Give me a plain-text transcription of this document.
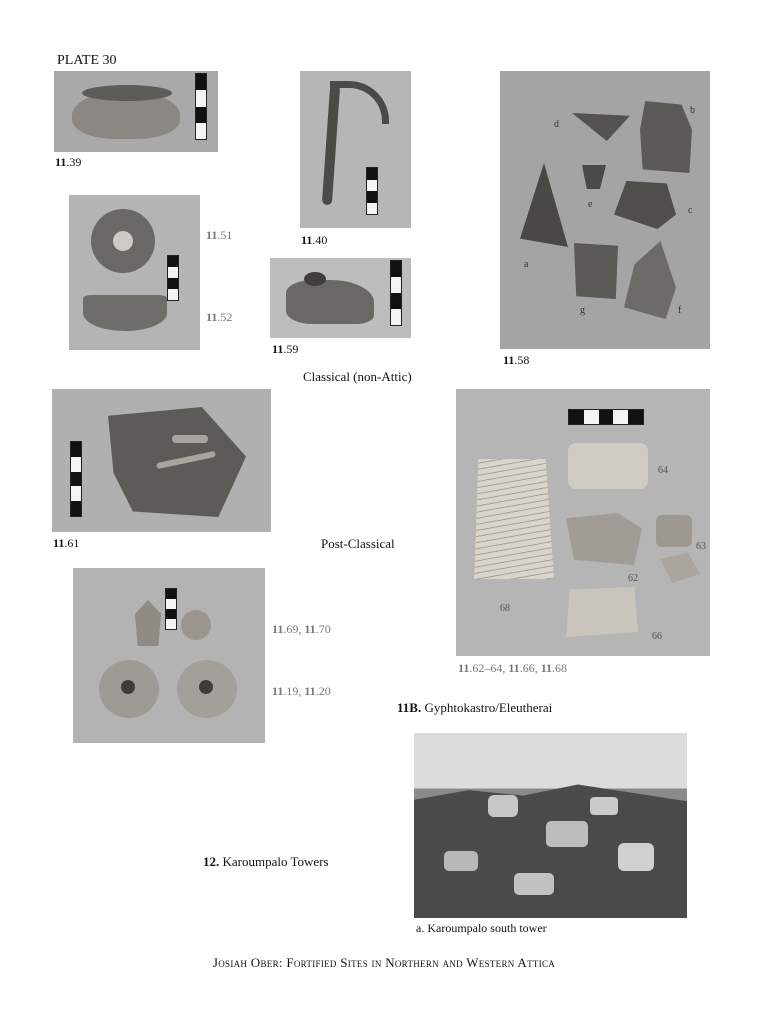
PLATE 30
11.39
11.40
d
b
e
c
a
g	f
11.58
11.51
11.52
11.59
Classical (non-Attic)
11.61	Post-Classical
64
63
62
68
66
11.62–64, 11.66, 11.68
11.69, 11.70
11.19, 11.20
11B. Gyphtokastro/Eleutherai
a. Karoumpalo south tower
12. Karoumpalo Towers
Josiah Ober: Fortified Sites in Northern and Western Attica
